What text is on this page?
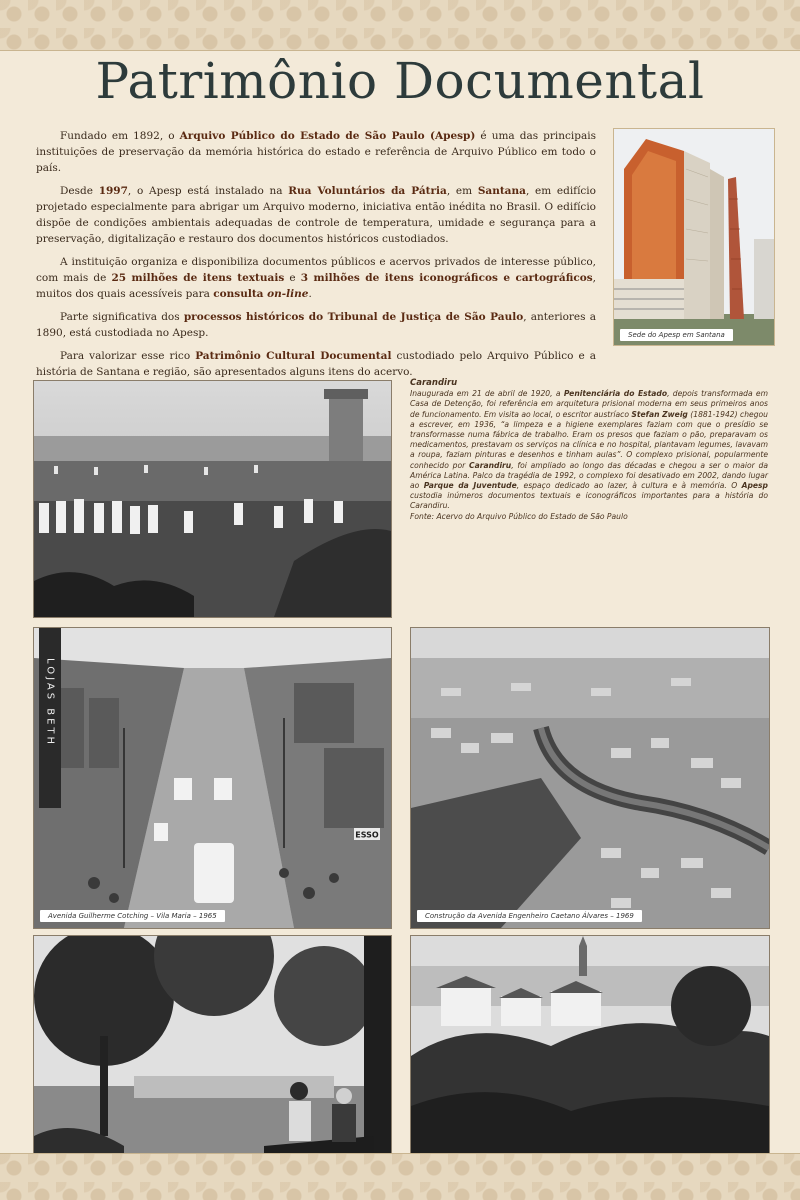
Patrimônio Documental

Fundado em 1892, o Arquivo Público do Estado de São Paulo (Apesp) é uma das principais instituições de preservação da memória histórica do estado e referência de Arquivo Público em todo o país.

Desde 1997, o Apesp está instalado na Rua Voluntários da Pátria, em Santana, em edifício projetado especialmente para abrigar um Arquivo moderno, iniciativa então inédita no Brasil. O edifício dispõe de condições ambientais adequadas de controle de temperatura, umidade e segurança para a preservação, digitalização e restauro dos documentos históricos custodiados.

A instituição organiza e disponibiliza documentos públicos e acervos privados de interesse público, com mais de 25 milhões de itens textuais e 3 milhões de itens iconográficos e cartográficos, muitos dos quais acessíveis para consulta on-line.

Parte significativa dos processos históricos do Tribunal de Justiça de São Paulo, anteriores a 1890, está custodiada no Apesp.

Para valorizar esse rico Patrimônio Cultural Documental custodiado pelo Arquivo Público e a história de Santana e região, são apresentados alguns itens do acervo.

Sede do Apesp em Santana
Carandiru
Inaugurada em 21 de abril de 1920, a Penitenciária do Estado, depois transformada em Casa de Detenção, foi referência em arquitetura prisional moderna em seus primeiros anos de funcionamento. Em visita ao local, o escritor austríaco Stefan Zweig (1881-1942) chegou a escrever, em 1936, “a limpeza e a higiene exemplares faziam com que o presídio se transformasse numa fábrica de trabalho. Eram os presos que faziam o pão, preparavam os medicamentos, prestavam os serviços na clínica e no hospital, plantavam legumes, lavavam a roupa, faziam pinturas e desenhos e tinham aulas”. O complexo prisional, popularmente conhecido por Carandiru, foi ampliado ao longo das décadas e chegou a ser o maior da América Latina. Palco da tragédia de 1992, o complexo foi desativado em 2002, dando lugar ao Parque da Juventude, espaço dedicado ao lazer, à cultura e à memória. O Apesp custodia inúmeros documentos textuais e iconográficos importantes para a história do Carandiru.
Fonte: Acervo do Arquivo Público do Estado de São Paulo
LOJAS BETH
ESSO
Avenida Guilherme Cotching – Vila Maria – 1965	Construção da Avenida Engenheiro Caetano Álvares – 1969
